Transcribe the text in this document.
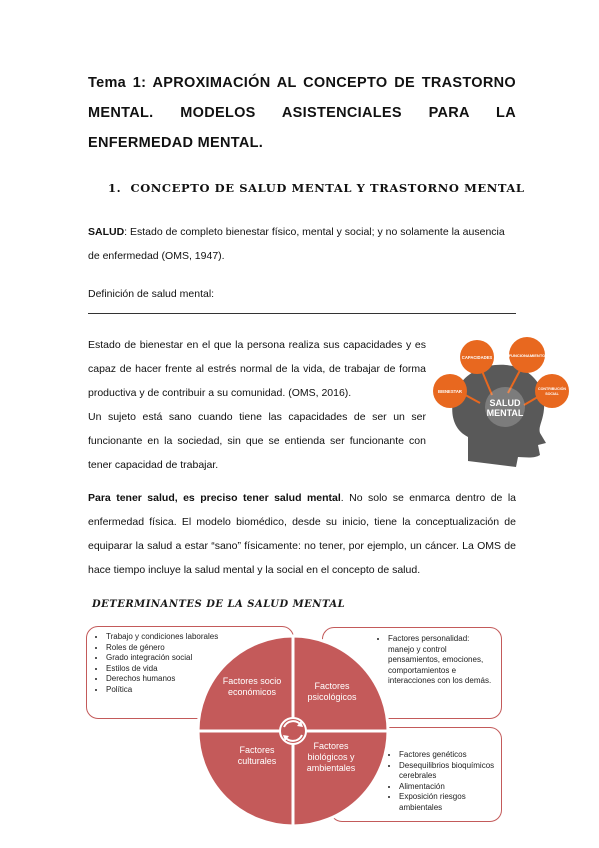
Tema 1: APROXIMACIÓN AL CONCEPTO DE TRASTORNO MENTAL. MODELOS ASISTENCIALES PARA LA ENFERMEDAD MENTAL.
1. CONCEPTO DE SALUD MENTAL Y TRASTORNO MENTAL
SALUD: Estado de completo bienestar físico, mental y social; y no solamente la ausencia de enfermedad (OMS, 1947).
Definición de salud mental:
Estado de bienestar en el que la persona realiza sus capacidades y es capaz de hacer frente al estrés normal de la vida, de trabajar de forma productiva y de contribuir a su comunidad. (OMS, 2016).
Un sujeto está sano cuando tiene las capacidades de ser un ser funcionante en la sociedad, sin que se entienda ser funcionante con tener capacidad de trabajar.
SALUD
MENTAL
CAPACIDADES	FUNCIONAMIENTO
BIENESTAR	CONTRIBUCIÓN SOCIAL
Para tener salud, es preciso tener salud mental. No solo se enmarca dentro de la enfermedad física. El modelo biomédico, desde su inicio, tiene la conceptualización de equiparar la salud a estar “sano” físicamente: no tener, por ejemplo, un cáncer. La OMS de hace tiempo incluye la salud mental y la social en el concepto de salud.
DETERMINANTES DE LA SALUD MENTAL
• Trabajo y condiciones laborales
• Roles de género
• Grado integración social
• Estilos de vida
• Derechos humanos
• Política
• Factores personalidad: manejo y control pensamientos, emociones, comportamientos e interacciones con los demás.
• Factores genéticos
• Desequilibrios bioquímicos cerebrales
• Alimentación
• Exposición riesgos ambientales
Factores socio económicos
Factores psicológicos
Factores culturales
Factores biológicos y ambientales
